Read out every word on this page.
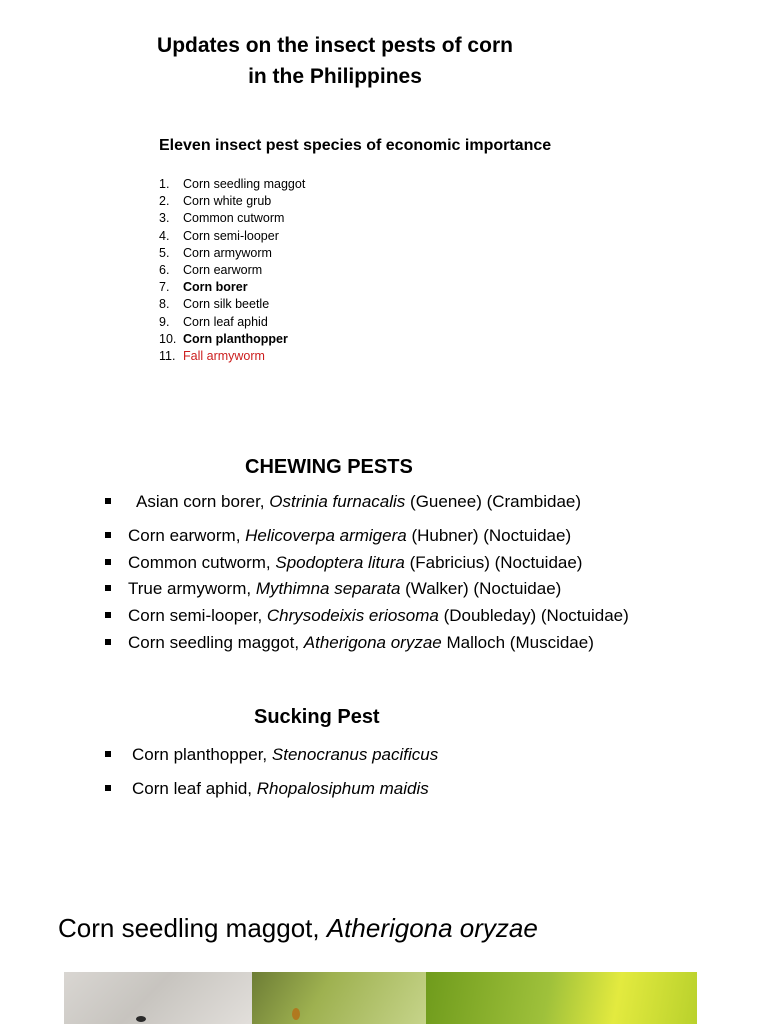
Updates on the insect pests of corn
in the Philippines
Eleven insect pest species of economic importance
1. Corn seedling maggot
2. Corn white grub
3. Common cutworm
4. Corn semi-looper
5. Corn armyworm
6. Corn earworm
7. Corn borer
8. Corn silk beetle
9. Corn leaf aphid
10. Corn planthopper
11. Fall armyworm
CHEWING PESTS
Asian corn borer, Ostrinia furnacalis (Guenee) (Crambidae)
Corn earworm, Helicoverpa armigera (Hubner) (Noctuidae)
Common cutworm, Spodoptera litura (Fabricius) (Noctuidae)
True armyworm, Mythimna separata (Walker) (Noctuidae)
Corn semi-looper, Chrysodeixis eriosoma (Doubleday) (Noctuidae)
Corn seedling maggot, Atherigona oryzae Malloch (Muscidae)
Sucking Pest
Corn planthopper, Stenocranus pacificus
Corn leaf aphid, Rhopalosiphum maidis
Corn seedling maggot, Atherigona oryzae
